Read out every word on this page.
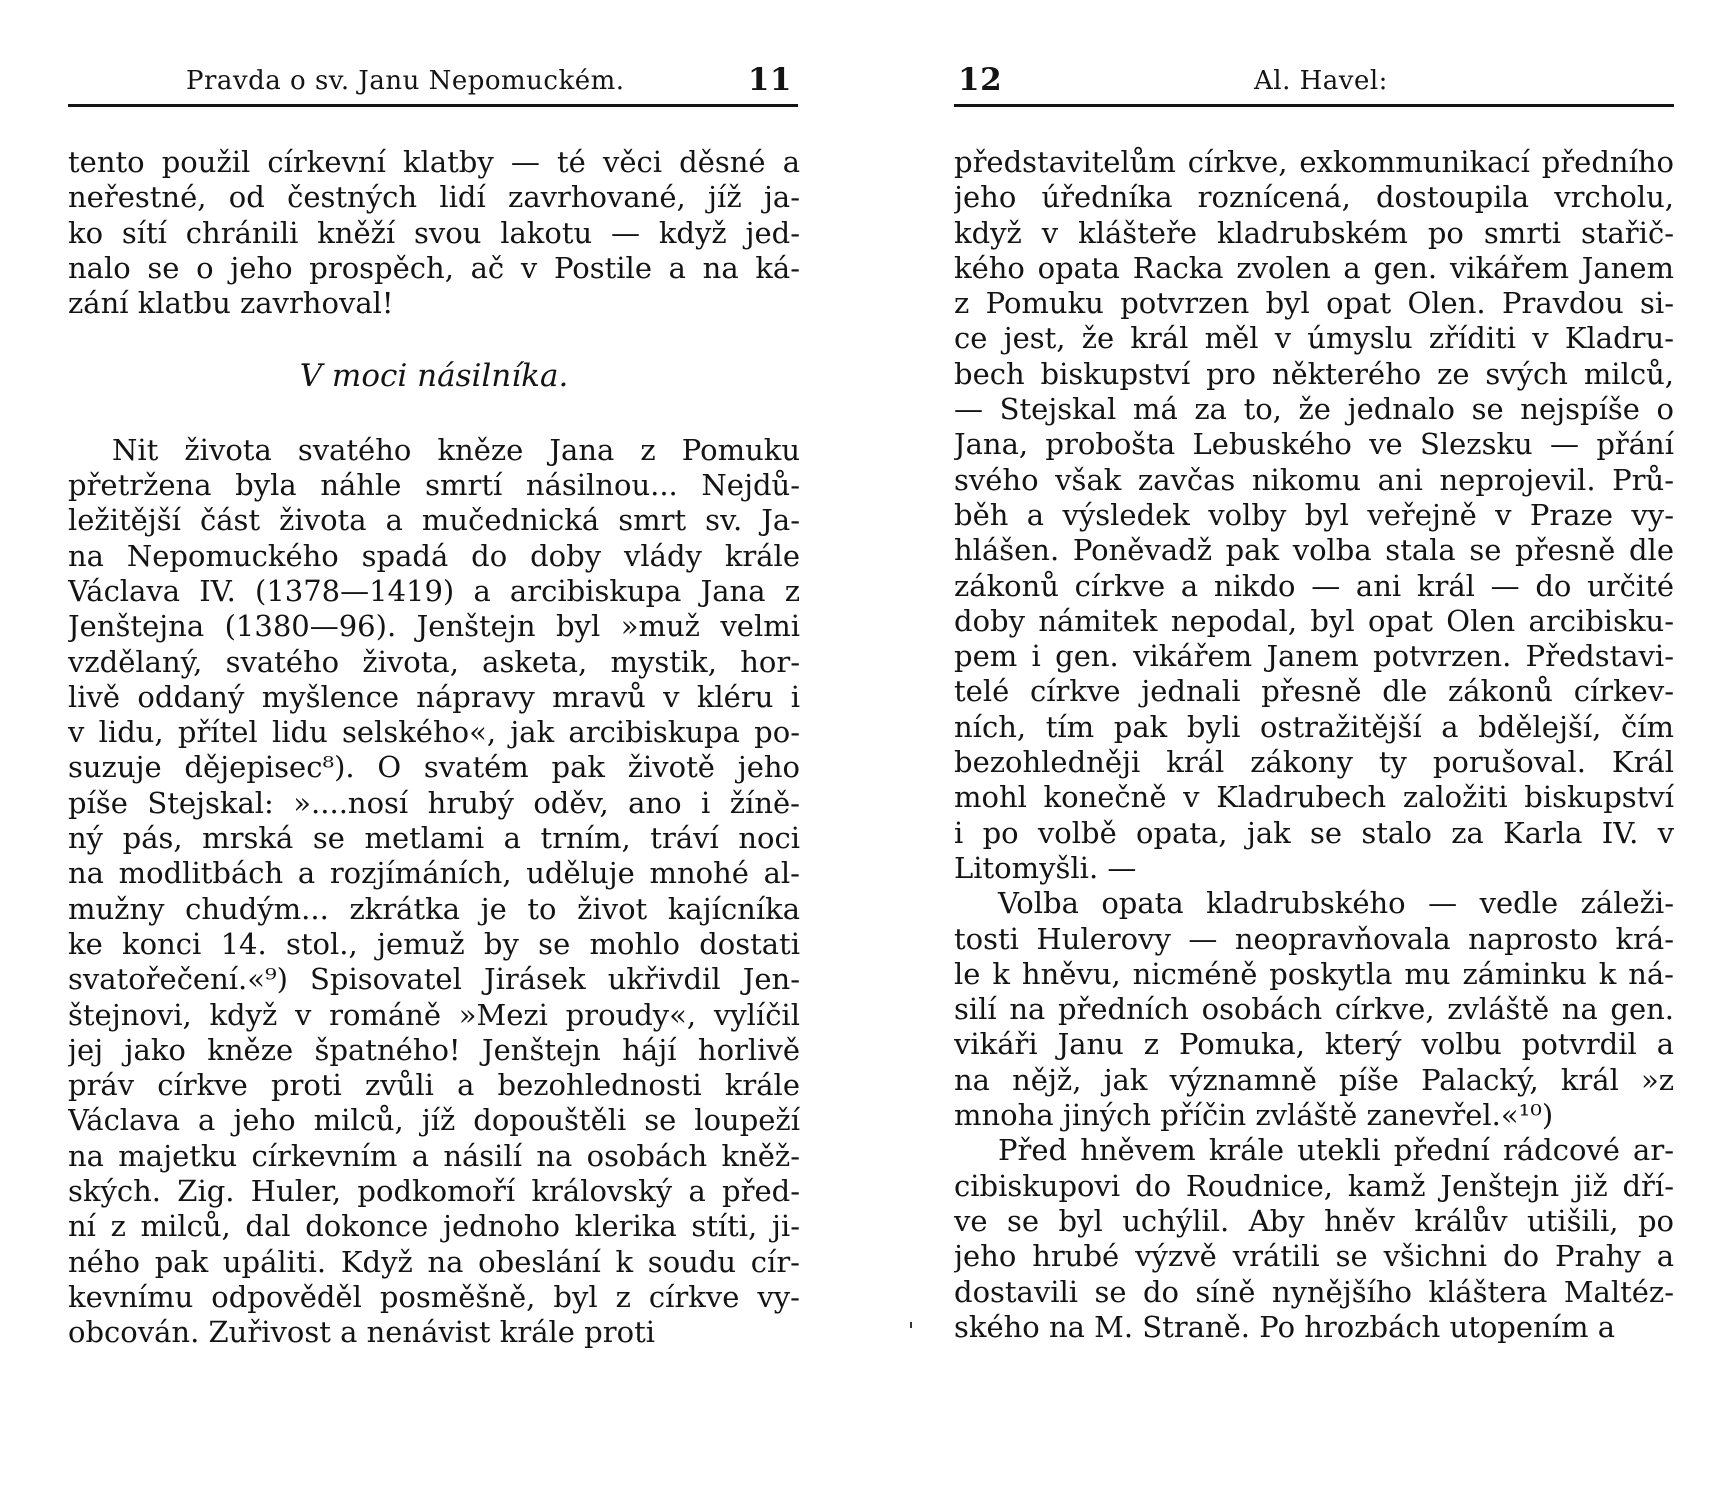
Pravda o sv. Janu Nepomuckém.	11
tento použil církevní klatby — té věci děsné a
neřestné, od čestných lidí zavrhované, jíž ja-
ko sítí chránili kněží svou lakotu — když jed-
nalo se o jeho prospěch, ač v Postile a na ká-
zání klatbu zavrhoval!
V moci násilníka.
Nit života svatého kněze Jana z Pomuku
přetržena byla náhle smrtí násilnou... Nejdů-
ležitější část života a mučednická smrt sv. Ja-
na Nepomuckého spadá do doby vlády krále
Václava IV. (1378—1419) a arcibiskupa Jana z
Jenštejna (1380—96). Jenštejn byl »muž velmi
vzdělaný, svatého života, asketa, mystik, hor-
livě oddaný myšlence nápravy mravů v kléru i
v lidu, přítel lidu selského«, jak arcibiskupa po-
suzuje dějepisec⁸). O svatém pak životě jeho
píše Stejskal: »....nosí hrubý oděv, ano i žíně-
ný pás, mrská se metlami a trním, tráví noci
na modlitbách a rozjímáních, uděluje mnohé al-
mužny chudým... zkrátka je to život kajícníka
ke konci 14. stol., jemuž by se mohlo dostati
svatořečení.«⁹) Spisovatel Jirásek ukřivdil Jen-
štejnovi, když v románě »Mezi proudy«, vylíčil
jej jako kněze špatného! Jenštejn hájí horlivě
práv církve proti zvůli a bezohlednosti krále
Václava a jeho milců, jíž dopouštěli se loupeží
na majetku církevním a násilí na osobách kněž-
ských. Zig. Huler, podkomoří královský a před-
ní z milců, dal dokonce jednoho klerika stíti, ji-
ného pak upáliti. Když na obeslání k soudu cír-
kevnímu odpověděl posměšně, byl z církve vy-
obcován. Zuřivost a nenávist krále proti
12	Al. Havel:
představitelům církve, exkommunikací předního
jeho úředníka roznícená, dostoupila vrcholu,
když v klášteře kladrubském po smrti stařič-
kého opata Racka zvolen a gen. vikářem Janem
z Pomuku potvrzen byl opat Olen. Pravdou si-
ce jest, že král měl v úmyslu zříditi v Kladru-
bech biskupství pro některého ze svých milců,
— Stejskal má za to, že jednalo se nejspíše o
Jana, probošta Lebuského ve Slezsku — přání
svého však zavčas nikomu ani neprojevil. Prů-
běh a výsledek volby byl veřejně v Praze vy-
hlášen. Poněvadž pak volba stala se přesně dle
zákonů církve a nikdo — ani král — do určité
doby námitek nepodal, byl opat Olen arcibisku-
pem i gen. vikářem Janem potvrzen. Představi-
telé církve jednali přesně dle zákonů církev-
ních, tím pak byli ostražitější a bdělejší, čím
bezohledněji král zákony ty porušoval. Král
mohl konečně v Kladrubech založiti biskupství
i po volbě opata, jak se stalo za Karla IV. v
Litomyšli. —
Volba opata kladrubského — vedle záleži-
tosti Hulerovy — neopravňovala naprosto krá-
le k hněvu, nicméně poskytla mu záminku k ná-
silí na předních osobách církve, zvláště na gen.
vikáři Janu z Pomuka, který volbu potvrdil a
na nějž, jak významně píše Palacký, král »z
mnoha jiných příčin zvláště zanevřel.«¹⁰)
Před hněvem krále utekli přední rádcové ar-
cibiskupovi do Roudnice, kamž Jenštejn již dří-
ve se byl uchýlil. Aby hněv králův utišili, po
jeho hrubé výzvě vrátili se všichni do Prahy a
dostavili se do síně nynějšího kláštera Maltéz-
ského na M. Straně. Po hrozbách utopením a
